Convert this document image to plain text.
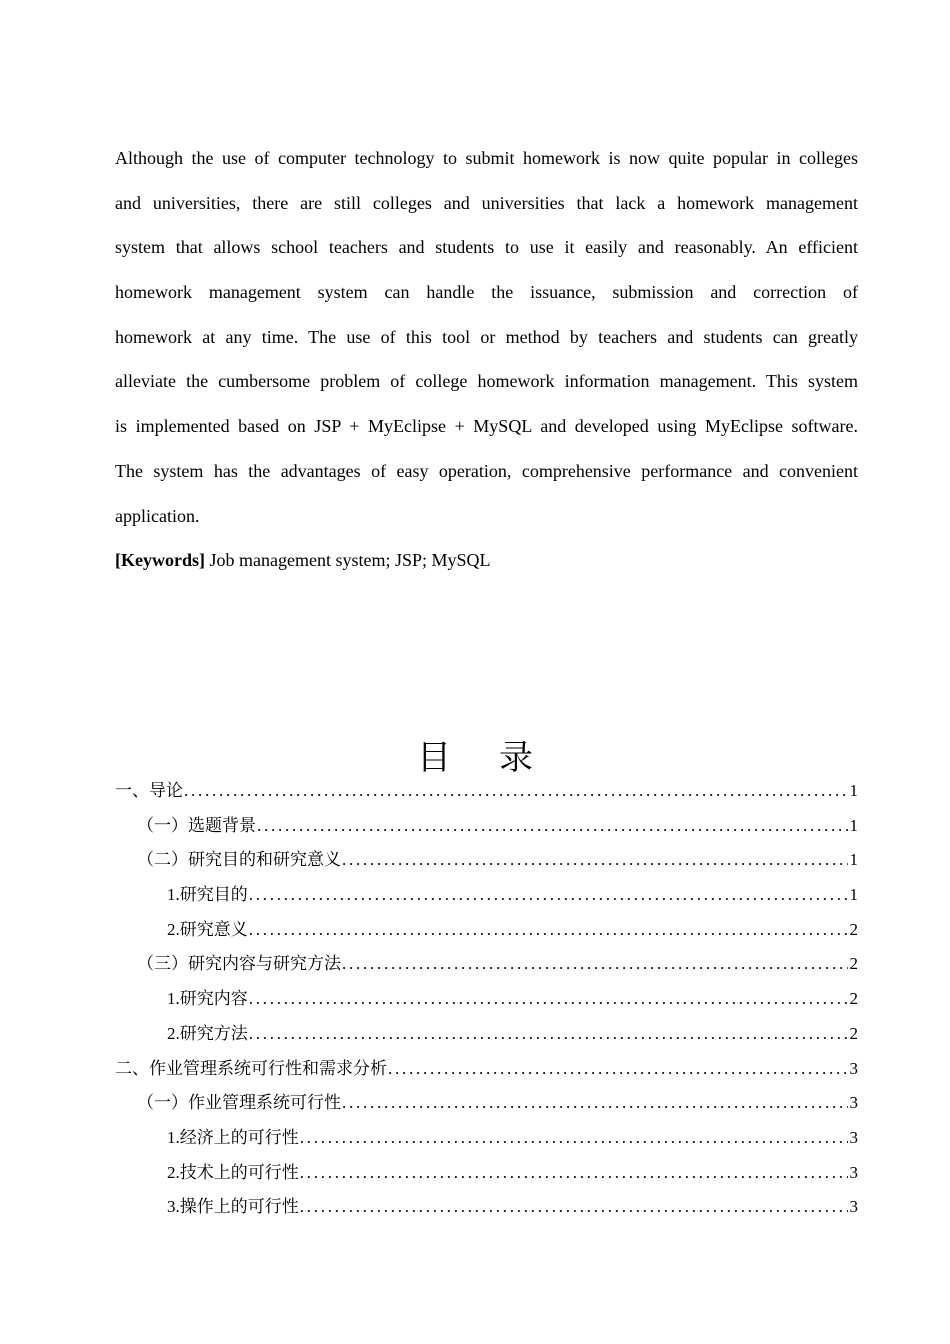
Although the use of computer technology to submit homework is now quite popular in colleges
and universities, there are still colleges and universities that lack a homework management
system that allows school teachers and students to use it easily and reasonably. An efficient
homework management system can handle the issuance, submission and correction of
homework at any time. The use of this tool or method by teachers and students can greatly
alleviate the cumbersome problem of college homework information management. This system
is implemented based on JSP + MyEclipse + MySQL and developed using MyEclipse software.
The system has the advantages of easy operation, comprehensive performance and convenient
application.
[Keywords] Job management system; JSP; MySQL
目录
一、导论 . . .	1
（一）选题背景 . . .	1
（二）研究目的和研究意义 . . .	1
1.研究目的 . . .	1
2.研究意义 . . .	2
（三）研究内容与研究方法 . . .	2
1.研究内容 . . .	2
2.研究方法 . . .	2
二、作业管理系统可行性和需求分析 . . .	3
（一）作业管理系统可行性 . . .	3
1.经济上的可行性 . . .	3
2.技术上的可行性 . . .	3
3.操作上的可行性 . . .	3
